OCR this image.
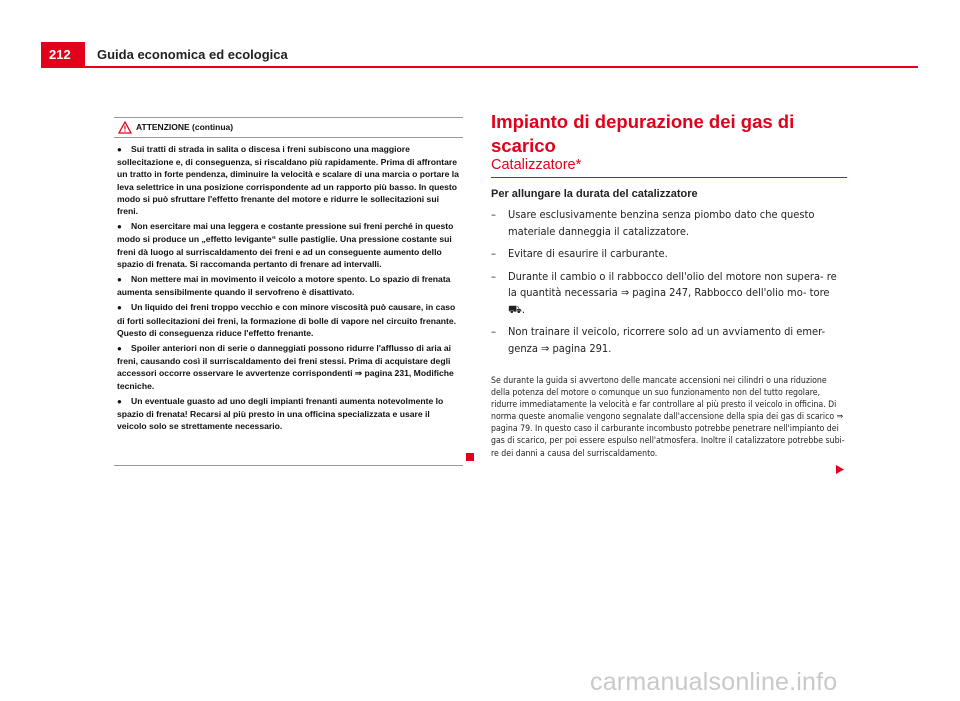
212	Guida economica ed ecologica
ATTENZIONE (continua)
● Sui tratti di strada in salita o discesa i freni subiscono una maggiore sollecitazione e, di conseguenza, si riscaldano più rapidamente. Prima di affrontare un tratto in forte pendenza, diminuire la velocità e scalare di una marcia o portare la leva selettrice in una posizione corrispondente ad un rapporto più basso. In questo modo si può sfruttare l'effetto frenante del motore e ridurre le sollecitazioni sui freni.
● Non esercitare mai una leggera e costante pressione sui freni perché in questo modo si produce un „effetto levigante“ sulle pastiglie. Una pressione costante sui freni dà luogo al surriscaldamento dei freni e ad un conseguente aumento dello spazio di frenata. Si raccomanda pertanto di frenare ad intervalli.
● Non mettere mai in movimento il veicolo a motore spento. Lo spazio di frenata aumenta sensibilmente quando il servofreno è disattivato.
● Un liquido dei freni troppo vecchio e con minore viscosità può causare, in caso di forti sollecitazioni dei freni, la formazione di bolle di vapore nel circuito frenante. Questo di conseguenza riduce l'effetto frenante.
● Spoiler anteriori non di serie o danneggiati possono ridurre l'afflusso di aria ai freni, causando così il surriscaldamento dei freni stessi. Prima di acquistare degli accessori occorre osservare le avvertenze corrispondenti ⇒ pagina 231, Modifiche tecniche.
● Un eventuale guasto ad uno degli impianti frenanti aumenta notevolmente lo spazio di frenata! Recarsi al più presto in una officina specializzata e usare il veicolo solo se strettamente necessario.
Impianto di depurazione dei gas di scarico
Catalizzatore*
Per allungare la durata del catalizzatore
– Usare esclusivamente benzina senza piombo dato che questo materiale danneggia il catalizzatore.
– Evitare di esaurire il carburante.
– Durante il cambio o il rabbocco dell'olio del motore non supera- re la quantità necessaria ⇒ pagina 247, Rabbocco dell'olio mo- tore ⛟.
– Non trainare il veicolo, ricorrere solo ad un avviamento di emer- genza ⇒ pagina 291.
Se durante la guida si avvertono delle mancate accensioni nei cilindri o una riduzione della potenza del motore o comunque un suo funzionamento non del tutto regolare, ridurre immediatamente la velocità e far controllare al più presto il veicolo in officina. Di norma queste anomalie vengono segnalate dall'accensione della spia dei gas di scarico ⇒ pagina 79. In questo caso il carburante incombusto potrebbe penetrare nell'impianto dei gas di scarico, per poi essere espulso nell'atmosfera. Inoltre il catalizzatore potrebbe subi- re dei danni a causa del surriscaldamento.
carmanualsonline.info
